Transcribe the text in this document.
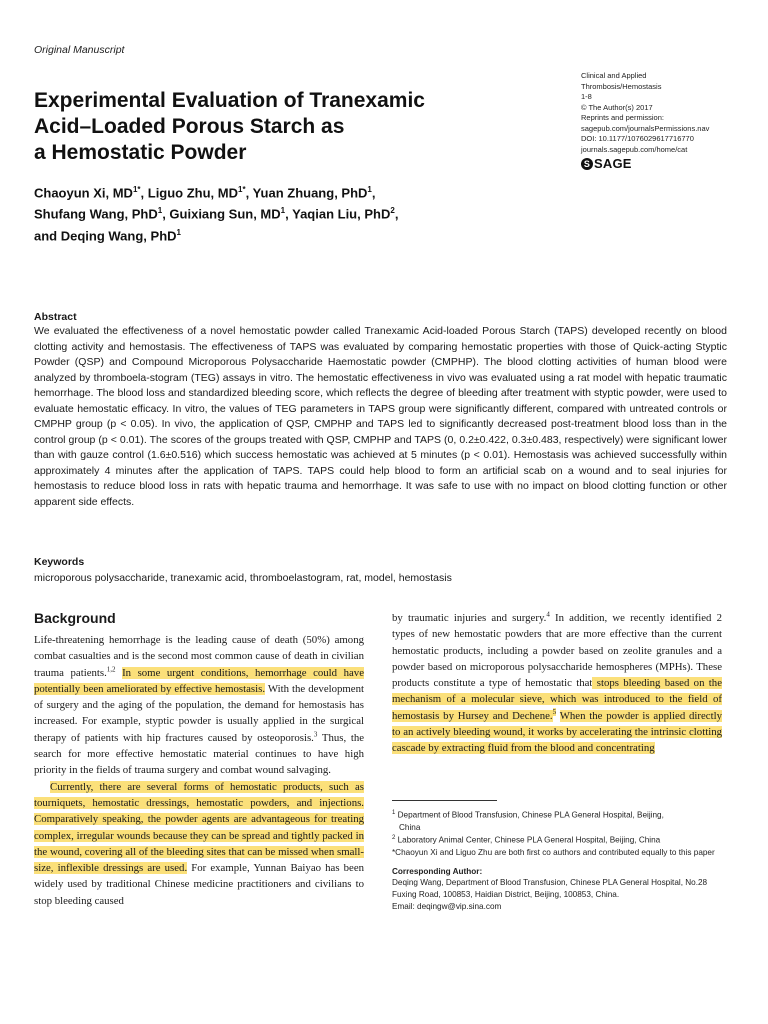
Original Manuscript
Experimental Evaluation of Tranexamic
Acid–Loaded Porous Starch as
a Hemostatic Powder
Clinical and Applied
Thrombosis/Hemostasis
1-8
© The Author(s) 2017
Reprints and permission:
sagepub.com/journalsPermissions.nav
DOI: 10.1177/1076029617716770
journals.sagepub.com/home/cat
S SAGE
Chaoyun Xi, $MD^{1*}$, Liguo Zhu, $MD^{1*}$, Yuan Zhuang, PhD$^1$,
Shufang Wang, PhD$^1$, Guixiang Sun, $MD^1$, Yaqian Liu, PhD$^2$,
and Deqing Wang, PhD$^1$
Abstract

We evaluated the effectiveness of a novel hemostatic powder called Tranexamic Acid-loaded Porous Starch (TAPS) developed recently on blood clotting activity and hemostasis. The effectiveness of TAPS was evaluated by comparing hemostatic properties with those of Quick-acting Styptic Powder (QSP) and Compound Microporous Polysaccharide Haemostatic powder (CMPHP). The blood clotting activities of human blood were analyzed by thromboela-stogram (TEG) assays in vitro. The hemostatic effectiveness in vivo was evaluated using a rat model with hepatic traumatic hemorrhage. The blood loss and standardized bleeding score, which reflects the degree of bleeding after treatment with styptic powder, were used to evaluate hemostatic efficacy. In vitro, the values of TEG parameters in TAPS group were significantly different, compared with untreated controls or CMPHP group (p < 0.05). In vivo, the application of QSP, CMPHP and TAPS led to significantly decreased post-treatment blood loss than in the control group (p < 0.01). The scores of the groups treated with QSP, CMPHP and TAPS (0, 0.2±0.422, 0.3±0.483, respectively) were significant lower than with gauze control (1.6±0.516) which success hemostatic was achieved at 5 minutes (p < 0.01). Hemostasis was achieved successfully within approximately 4 minutes after the application of TAPS. TAPS could help blood to form an artificial scab on a wound and to seal injuries for hemostasis to reduce blood loss in rats with hepatic trauma and hemorrhage. It was safe to use with no impact on blood clotting function or other apparent side effects.

Keywords
microporous polysaccharide, tranexamic acid, thromboelastogram, rat, model, hemostasis
Background

Life-threatening hemorrhage is the leading cause of death (50%) among combat casualties and is the second most common cause of death in civilian trauma patients.$^{1,2}$ In some urgent conditions, hemorrhage could have potentially been ameliorated by effective hemostasis. With the development of surgery and the aging of the population, the demand for hemostasis has increased. For example, styptic powder is usually applied in the surgical therapy of patients with hip fractures caused by osteoporosis.$^3$ Thus, the search for more effective hemostatic material continues to have high priority in the fields of trauma surgery and combat wound salvaging.

Currently, there are several forms of hemostatic products, such as tourniquets, hemostatic dressings, hemostatic powders, and injections. Comparatively speaking, the powder agents are advantageous for treating complex, irregular wounds because they can be spread and tightly packed in the wound, covering all of the bleeding sites that can be missed when small-size, inflexible dressings are used. For example, Yunnan Baiyao has been widely used by traditional Chinese medicine practitioners and civilians to stop bleeding caused

by traumatic injuries and surgery.$^4$ In addition, we recently identified 2 types of new hemostatic powders that are more effective than the current hemostatic products, including a powder based on zeolite granules and a powder based on microporous polysaccharide hemospheres (MPHs). These products constitute a type of hemostatic that stops bleeding based on the mechanism of a molecular sieve, which was introduced to the field of hemostasis by Hursey and Dechene.$^5$ When the powder is applied directly to an actively bleeding wound, it works by accelerating the intrinsic clotting cascade by extracting fluid from the blood and concentrating

$^1$ Department of Blood Transfusion, Chinese PLA General Hospital, Beijing,

China

$^2$ Laboratory Animal Center, Chinese PLA General Hospital, Beijing, China

*Chaoyun Xi and Liguo Zhu are both first co authors and contributed equally to this paper

Corresponding Author:

Deqing Wang, Department of Blood Transfusion, Chinese PLA General Hospital, No.28 Fuxing Road, 100853, Haidian District, Beijing, 100853, China.

Email: deqingw@vip.sina.com
